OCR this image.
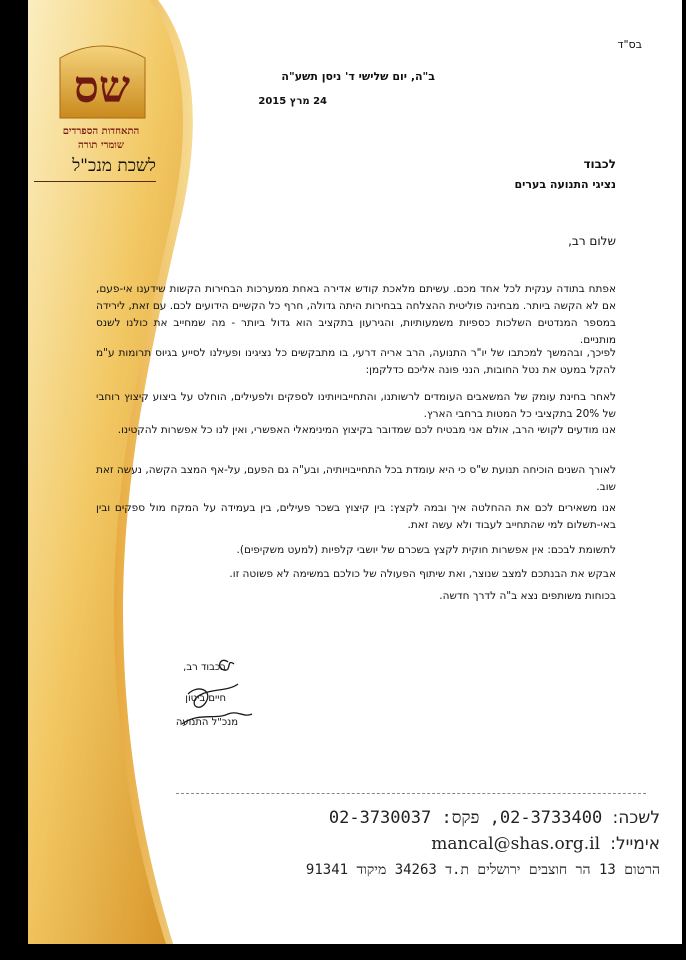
שס
התאחדות הספרדים
שומרי תורה
לשכת מנכ"ל
בס"ד
ב"ה, יום שלישי ד' ניסן תשע"ה
24 מרץ 2015
לכבוד
נציגי התנועה בערים
שלום רב,
אפתח בתודה ענקית לכל אחד מכם. עשיתם מלאכת קודש אדירה באחת ממערכות הבחירות הקשות שידענו אי-פעם, אם לא הקשה ביותר. מבחינה פוליטית ההצלחה בבחירות היתה גדולה, חרף כל הקשיים הידועים לכם. עם זאת, לירידה במספר המנדטים השלכות כספיות משמעותיות, והגירעון בתקציב הוא גדול ביותר - מה שמחייב את כולנו לשנס מותניים.
לפיכך, ובהמשך למכתבו של יו"ר התנועה, הרב אריה דרעי, בו מתבקשים כל נציגינו ופעילנו לסייע בגיוס תרומות ע"מ להקל במעט את נטל החובות, הנני פונה אליכם כדלקמן:
לאחר בחינת עומק של המשאבים העומדים לרשותנו, והתחייבויותינו לספקים ולפעילים, הוחלט על ביצוע קיצוץ רוחבי של 20% בתקציבי כל המטות ברחבי הארץ.
אנו מודעים לקושי הרב, אולם אני מבטיח לכם שמדובר בקיצוץ המינימאלי האפשרי, ואין לנו כל אפשרות להקטינו.
לאורך השנים הוכיחה תנועת ש"ס כי היא עומדת בכל התחייבויותיה, ובע"ה גם הפעם, על-אף המצב הקשה, נעשה זאת שוב.
אנו משאירים לכם את ההחלטה איך ובמה לקצץ: בין קיצוץ בשכר פעילים, בין בעמידה על המקח מול ספקים ובין באי-תשלום למי שהתחייב לעבוד ולא עשה זאת.
לתשומת לבכם: אין אפשרות חוקית לקצץ בשכרם של יושבי קלפיות (למעט משקיפים).
אבקש את הבנתכם למצב שנוצר, ואת שיתוף הפעולה של כולכם במשימה לא פשוטה זו.
בכוחות משותפים נצא ב"ה לדרך חדשה.
בכבוד רב,
חיים ביטון
מנכ"ל התנועה
לשכה: 02-3733400, פקס: 02-3730037
אימייל: mancal@shas.org.il
הרטום 13 הר חוצבים ירושלים ת.ד 34263 מיקוד 91341
